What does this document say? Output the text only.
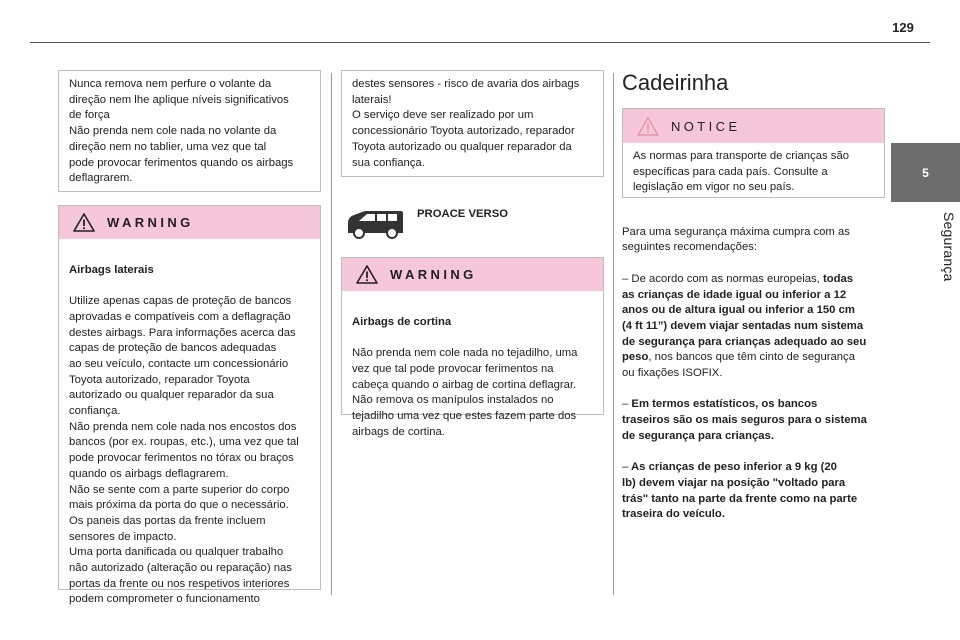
129
5
Segurança
Nunca remova nem perfure o volante da
direção nem lhe aplique níveis significativos
de força
Não prenda nem cole nada no volante da
direção nem no tablier, uma vez que tal
pode provocar ferimentos quando os airbags
deflagrarem.
WARNING

Airbags laterais

Utilize apenas capas de proteção de bancos
aprovadas e compatíveis com a deflagração
destes airbags. Para informações acerca das
capas de proteção de bancos adequadas
ao seu veículo, contacte um concessionário
Toyota autorizado, reparador Toyota
autorizado ou qualquer reparador da sua
confiança.
Não prenda nem cole nada nos encostos dos
bancos (por ex. roupas, etc.), uma vez que tal
pode provocar ferimentos no tórax ou braços
quando os airbags deflagrarem.
Não se sente com a parte superior do corpo
mais próxima da porta do que o necessário.
Os paneis das portas da frente incluem
sensores de impacto.
Uma porta danificada ou qualquer trabalho
não autorizado (alteração ou reparação) nas
portas da frente ou nos respetivos interiores
podem comprometer o funcionamento

destes sensores - risco de avaria dos airbags
laterais!
O serviço deve ser realizado por um
concessionário Toyota autorizado, reparador
Toyota autorizado ou qualquer reparador da
sua confiança.
PROACE VERSO
WARNING

Airbags de cortina

Não prenda nem cole nada no tejadilho, uma
vez que tal pode provocar ferimentos na
cabeça quando o airbag de cortina deflagrar.
Não remova os manípulos instalados no
tejadilho uma vez que estes fazem parte dos
airbags de cortina.

Cadeirinha
NOTICE
As normas para transporte de crianças são
específicas para cada país. Consulte a
legislação em vigor no seu país.

Para uma segurança máxima cumpra com as
seguintes recomendações:

– De acordo com as normas europeias, todas
as crianças de idade igual ou inferior a 12
anos ou de altura igual ou inferior a 150 cm
(4 ft 11”) devem viajar sentadas num sistema
de segurança para crianças adequado ao seu
peso, nos bancos que têm cinto de segurança
ou fixações ISOFIX.

– Em termos estatísticos, os bancos
traseiros são os mais seguros para o sistema
de segurança para crianças.

– As crianças de peso inferior a 9 kg (20
lb) devem viajar na posição "voltado para
trás" tanto na parte da frente como na parte
traseira do veículo.
